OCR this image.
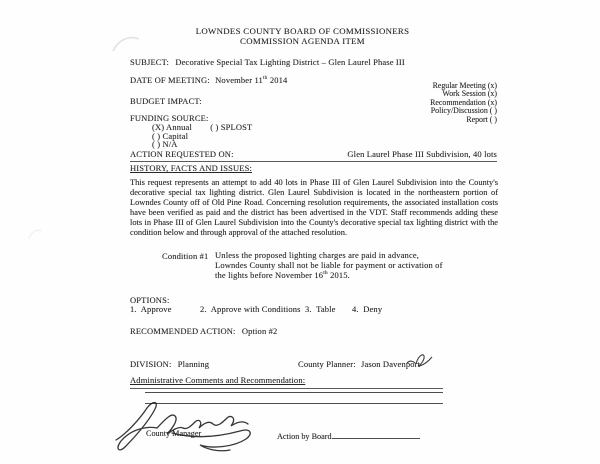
LOWNDES COUNTY BOARD OF COMMISSIONERS
COMMISSION AGENDA ITEM
SUBJECT: Decorative Special Tax Lighting District – Glen Laurel Phase III
DATE OF MEETING: November 11th 2014
Regular Meeting (x)
Work Session (x)
Recommendation (x)
Policy/Discussion ( )
Report ( )
BUDGET IMPACT:
FUNDING SOURCE:
(X) Annual ( ) SPLOST
( ) Capital
( ) N/A
ACTION REQUESTED ON:	Glen Laurel Phase III Subdivision, 40 lots
HISTORY, FACTS AND ISSUES:
This request represents an attempt to add 40 lots in Phase III of Glen Laurel Subdivision into the County's decorative special tax lighting district. Glen Laurel Subdivision is located in the northeastern portion of Lowndes County off of Old Pine Road. Concerning resolution requirements, the associated installation costs have been verified as paid and the district has been advertised in the VDT. Staff recommends adding these lots in Phase III of Glen Laurel Subdivision into the County's decorative special tax lighting district with the condition below and through approval of the attached resolution.
Condition #1 Unless the proposed lighting charges are paid in advance, Lowndes County shall not be liable for payment or activation of the lights before November 16th 2015.
OPTIONS:
1.  Approve	2.  Approve with Conditions 3.  Table 4.  Deny
RECOMMENDED ACTION: Option #2
DIVISION: Planning	County Planner: Jason Davenport
Administrative Comments and Recommendation:
County Manager	Action by Board
